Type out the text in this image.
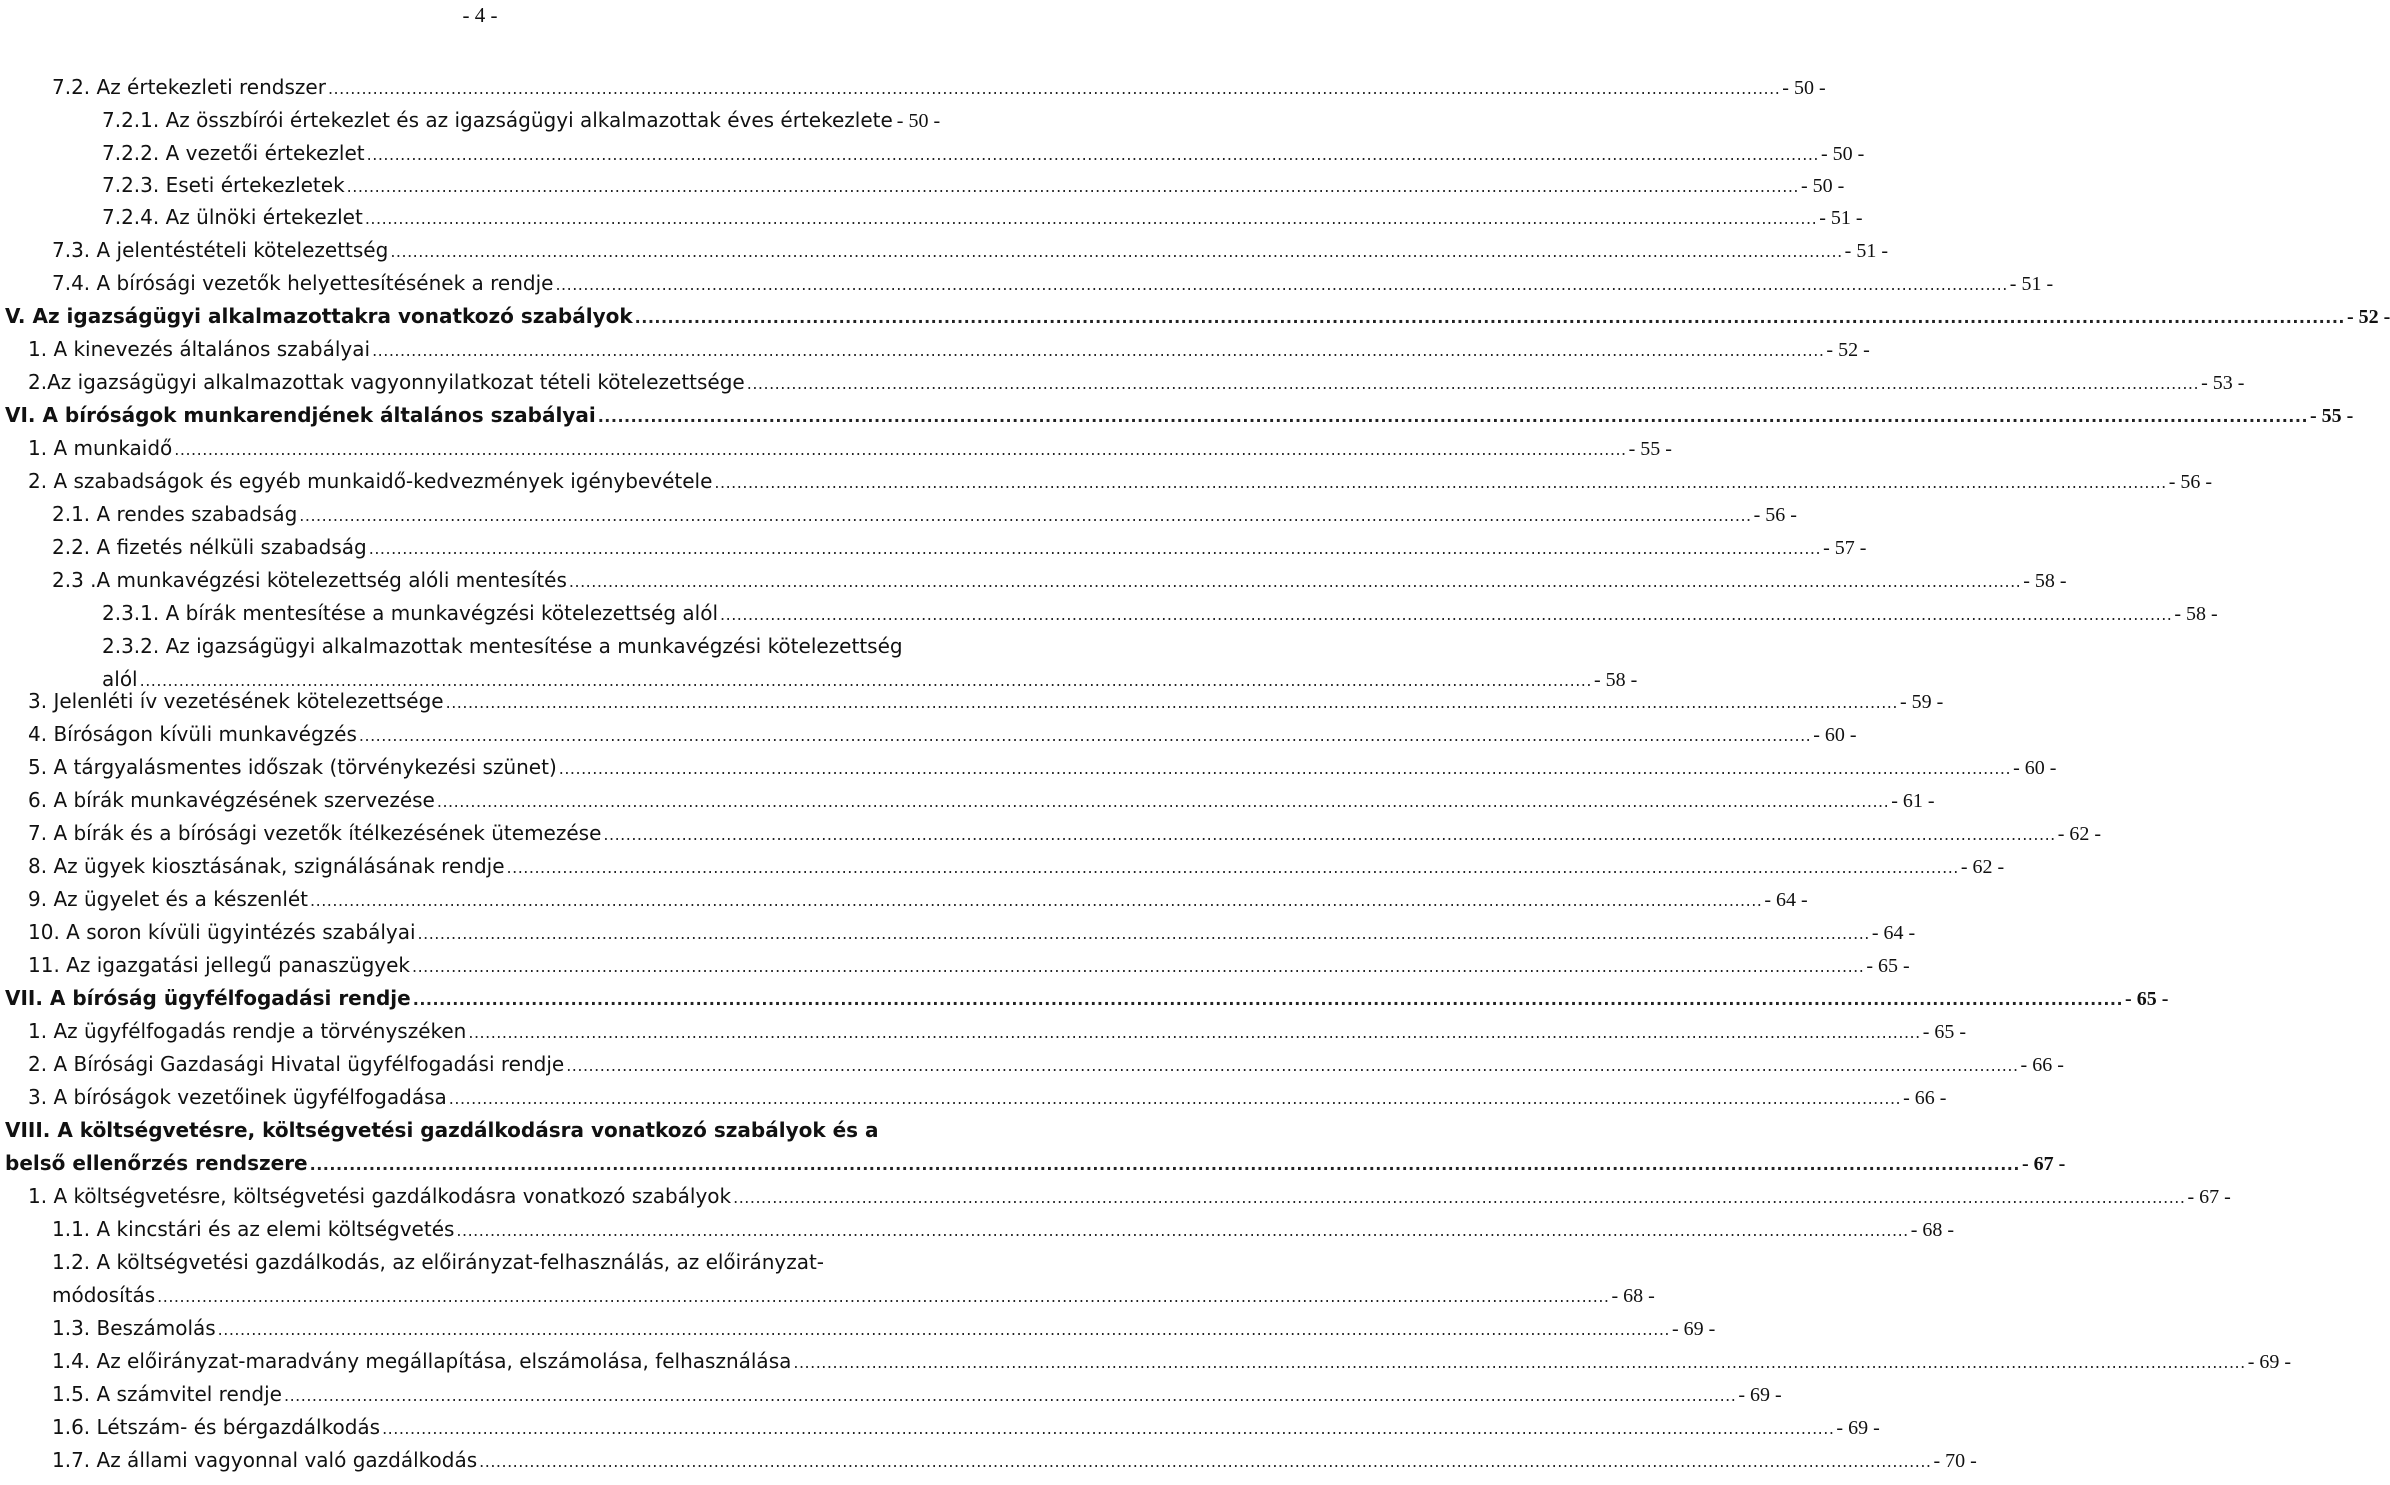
- 4 -
7.2. Az értekezleti rendszer .....	- 50 -
7.2.1. Az összbírói értekezlet és az igazságügyi alkalmazottak éves értekezlete - 50 -
7.2.2. A vezetői értekezlet .....	- 50 -
7.2.3. Eseti értekezletek .....	- 50 -
7.2.4. Az ülnöki értekezlet .....	- 51 -
7.3. A jelentéstételi kötelezettség .....	- 51 -
7.4. A bírósági vezetők helyettesítésének a rendje .....	- 51 -
V. Az igazságügyi alkalmazottakra vonatkozó szabályok .....	- 52 -
1. A kinevezés általános szabályai .....	- 52 -
2.Az igazságügyi alkalmazottak vagyonnyilatkozat tételi kötelezettsége .....	- 53 -
VI. A bíróságok munkarendjének általános szabályai .....	- 55 -
1. A munkaidő .....	- 55 -
2. A szabadságok és egyéb munkaidő-kedvezmények igénybevétele .....	- 56 -
2.1. A rendes szabadság .....	- 56 -
2.2. A fizetés nélküli szabadság .....	- 57 -
2.3 .A munkavégzési kötelezettség alóli mentesítés .....	- 58 -
2.3.1. A bírák mentesítése a munkavégzési kötelezettség alól .....	- 58 -
2.3.2. Az igazságügyi alkalmazottak mentesítése a munkavégzési kötelezettség
alól .....	- 58 -
3. Jelenléti ív vezetésének kötelezettsége .....	- 59 -
4. Bíróságon kívüli munkavégzés .....	- 60 -
5. A tárgyalásmentes időszak (törvénykezési szünet) .....	- 60 -
6. A bírák munkavégzésének szervezése .....	- 61 -
7. A bírák és a bírósági vezetők ítélkezésének ütemezése .....	- 62 -
8. Az ügyek kiosztásának, szignálásának rendje .....	- 62 -
9. Az ügyelet és a készenlét .....	- 64 -
10. A soron kívüli ügyintézés szabályai .....	- 64 -
11. Az igazgatási jellegű panaszügyek .....	- 65 -
VII. A bíróság ügyfélfogadási rendje .....	- 65 -
1. Az ügyfélfogadás rendje a törvényszéken .....	- 65 -
2. A Bírósági Gazdasági Hivatal ügyfélfogadási rendje .....	- 66 -
3. A bíróságok vezetőinek ügyfélfogadása .....	- 66 -
VIII. A költségvetésre, költségvetési gazdálkodásra vonatkozó szabályok és a
belső ellenőrzés rendszere .....	- 67 -
1. A költségvetésre, költségvetési gazdálkodásra vonatkozó szabályok .....	- 67 -
1.1. A kincstári és az elemi költségvetés .....	- 68 -
1.2. A költségvetési gazdálkodás, az előirányzat-felhasználás, az előirányzat-
módosítás .....	- 68 -
1.3. Beszámolás .....	- 69 -
1.4. Az előirányzat-maradvány megállapítása, elszámolása, felhasználása .....	- 69 -
1.5. A számvitel rendje .....	- 69 -
1.6. Létszám- és bérgazdálkodás .....	- 69 -
1.7. Az állami vagyonnal való gazdálkodás .....	- 70 -
